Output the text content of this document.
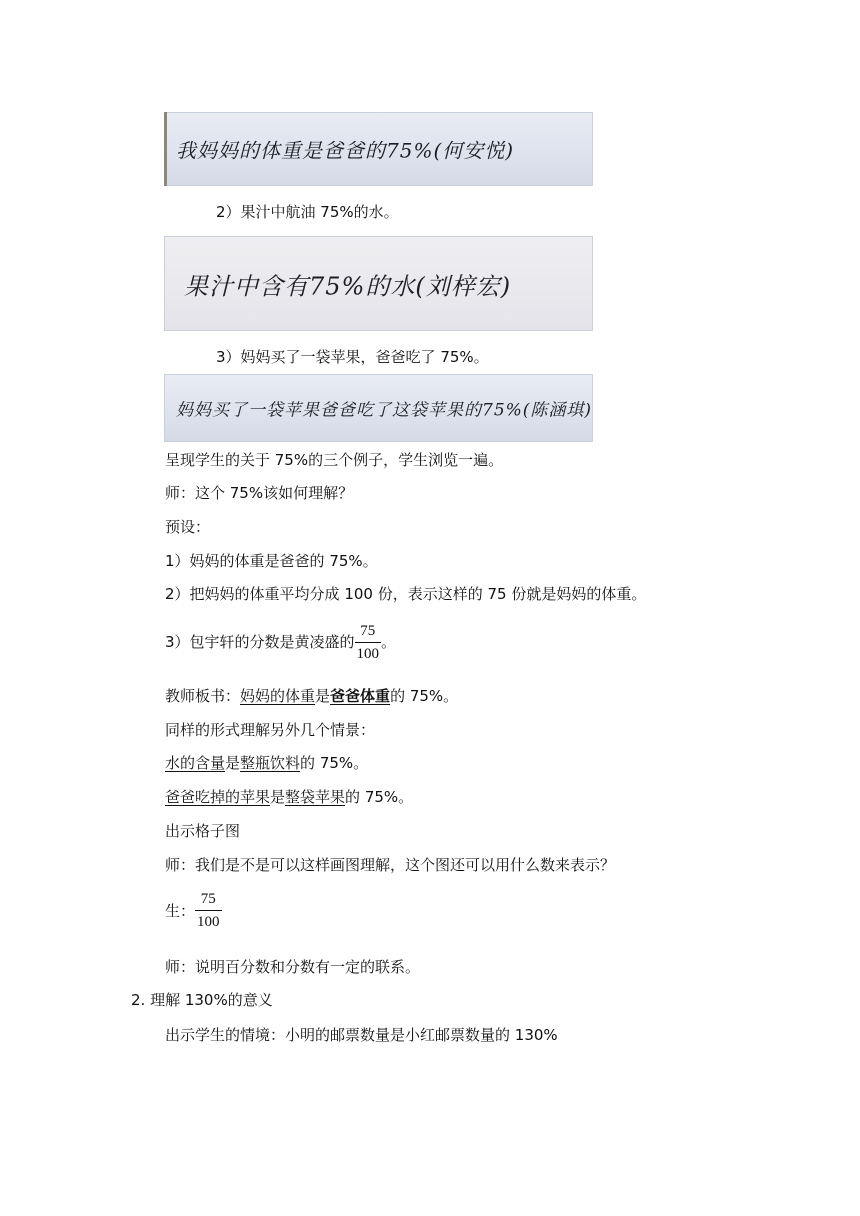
我妈妈的体重是爸爸的75%(何安悦)
2）果汁中航油 75%的水。
果汁中含有75%的水(刘梓宏)
3）妈妈买了一袋苹果，爸爸吃了 75%。
妈妈买了一袋苹果爸爸吃了这袋苹果的75%(陈涵琪)
呈现学生的关于 75%的三个例子，学生浏览一遍。
师：这个 75%该如何理解？
预设：
1）妈妈的体重是爸爸的 75%。
2）把妈妈的体重平均分成 100 份，表示这样的 75 份就是妈妈的体重。
3）包宇轩的分数是黄凌盛的 $\frac{75}{100}$ 。
教师板书：妈妈的体重是爸爸体重的 75%。
同样的形式理解另外几个情景：
水的含量是整瓶饮料的 75%。
爸爸吃掉的苹果是整袋苹果的 75%。
出示格子图
师：我们是不是可以这样画图理解，这个图还可以用什么数来表示？
生： $\frac{75}{100}$
师：说明百分数和分数有一定的联系。
2. 理解 130%的意义
出示学生的情境：小明的邮票数量是小红邮票数量的 130%
